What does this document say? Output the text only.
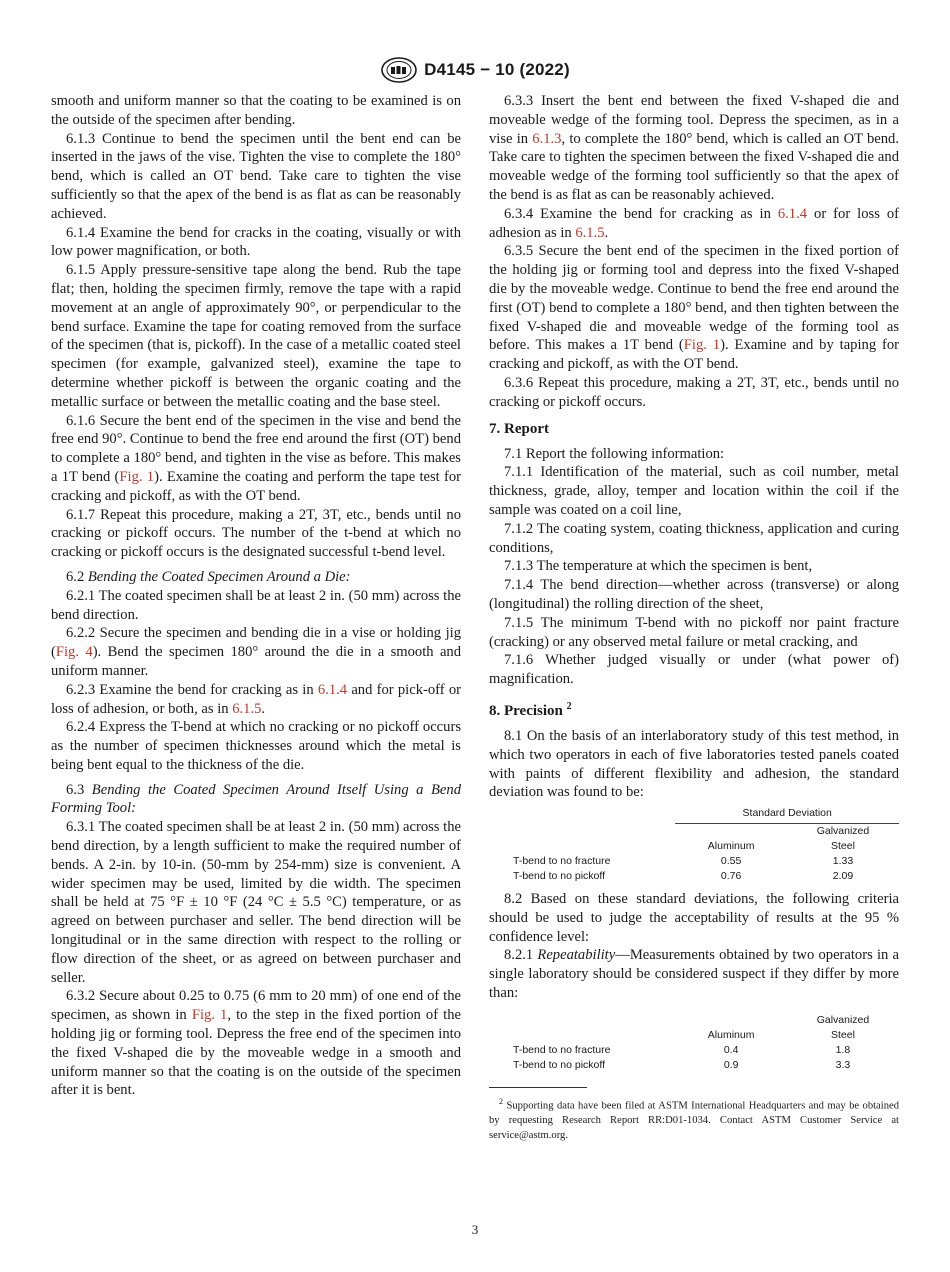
D4145 − 10 (2022)

smooth and uniform manner so that the coating to be examined is on the outside of the specimen after bending.

6.1.3 Continue to bend the specimen until the bent end can be inserted in the jaws of the vise. Tighten the vise to complete the 180° bend, which is called an OT bend. Take care to tighten the vise sufficiently so that the apex of the bend is as flat as can be reasonably achieved.

6.1.4 Examine the bend for cracks in the coating, visually or with low power magnification, or both.

6.1.5 Apply pressure-sensitive tape along the bend. Rub the tape flat; then, holding the specimen firmly, remove the tape with a rapid movement at an angle of approximately 90°, or perpendicular to the bend surface. Examine the tape for coating removed from the surface of the specimen (that is, pickoff). In the case of a metallic coated steel specimen (for example, galvanized steel), examine the tape to determine whether pickoff is between the organic coating and the metallic surface or between the metallic coating and the base steel.

6.1.6 Secure the bent end of the specimen in the vise and bend the free end 90°. Continue to bend the free end around the first (OT) bend to complete a 180° bend, and tighten in the vise as before. This makes a 1T bend (Fig. 1). Examine the coating and perform the tape test for cracking and pickoff, as with the OT bend.

6.1.7 Repeat this procedure, making a 2T, 3T, etc., bends until no cracking or pickoff occurs. The number of the t-bend at which no cracking or pickoff occurs is the designated successful t-bend level.

6.2 Bending the Coated Specimen Around a Die:

6.2.1 The coated specimen shall be at least 2 in. (50 mm) across the bend direction.

6.2.2 Secure the specimen and bending die in a vise or holding jig (Fig. 4). Bend the specimen 180° around the die in a smooth and uniform manner.

6.2.3 Examine the bend for cracking as in 6.1.4 and for pick-off or loss of adhesion, or both, as in 6.1.5.

6.2.4 Express the T-bend at which no cracking or no pickoff occurs as the number of specimen thicknesses around which the metal is being bent equal to the thickness of the die.

6.3 Bending the Coated Specimen Around Itself Using a Bend Forming Tool:

6.3.1 The coated specimen shall be at least 2 in. (50 mm) across the bend direction, by a length sufficient to make the required number of bends. A 2-in. by 10-in. (50-mm by 254-mm) size is convenient. A wider specimen may be used, limited by die width. The specimen shall be held at 75 °F ± 10 °F (24 °C ± 5.5 °C) temperature, or as agreed on between purchaser and seller. The bend direction will be longitudinal or in the same direction with respect to the rolling or flow direction of the sheet, or as agreed on between purchaser and seller.

6.3.2 Secure about 0.25 to 0.75 (6 mm to 20 mm) of one end of the specimen, as shown in Fig. 1, to the step in the fixed portion of the holding jig or forming tool. Depress the free end of the specimen into the fixed V-shaped die by the moveable wedge in a smooth and uniform manner so that the coating is on the outside of the specimen after it is bent.

6.3.3 Insert the bent end between the fixed V-shaped die and moveable wedge of the forming tool. Depress the specimen, as in a vise in 6.1.3, to complete the 180° bend, which is called an OT bend. Take care to tighten the specimen between the fixed V-shaped die and moveable wedge of the forming tool sufficiently so that the apex of the bend is as flat as can be reasonably achieved.

6.3.4 Examine the bend for cracking as in 6.1.4 or for loss of adhesion as in 6.1.5.

6.3.5 Secure the bent end of the specimen in the fixed portion of the holding jig or forming tool and depress into the fixed V-shaped die by the moveable wedge. Continue to bend the free end around the first (OT) bend to complete a 180° bend, and then tighten between the fixed V-shaped die and moveable wedge of the forming tool as before. This makes a 1T bend (Fig. 1). Examine and by taping for cracking and pickoff, as with the OT bend.

6.3.6 Repeat this procedure, making a 2T, 3T, etc., bends until no cracking or pickoff occurs.

7. Report

7.1 Report the following information:

7.1.1 Identification of the material, such as coil number, metal thickness, grade, alloy, temper and location within the coil if the sample was coated on a coil line,

7.1.2 The coating system, coating thickness, application and curing conditions,

7.1.3 The temperature at which the specimen is bent,

7.1.4 The bend direction—whether across (transverse) or along (longitudinal) the rolling direction of the sheet,

7.1.5 The minimum T-bend with no pickoff nor paint fracture (cracking) or any observed metal failure or metal cracking, and

7.1.6 Whether judged visually or under (what power of) magnification.

8. Precision $^2$

8.1 On the basis of an interlaboratory study of this test method, in which two operators in each of five laboratories tested panels coated with paints of different flexibility and adhesion, the standard deviation was found to be:

	Standard Deviation	
		Galvanized
	Aluminum	Steel
T-bend to no fracture	0.55	1.33
T-bend to no pickoff	0.76	2.09

8.2 Based on these standard deviations, the following criteria should be used to judge the acceptability of results at the 95 % confidence level:

8.2.1 Repeatability—Measurements obtained by two operators in a single laboratory should be considered suspect if they differ by more than:

		Galvanized
	Aluminum	Steel
T-bend to no fracture	0.4	1.8
T-bend to no pickoff	0.9	3.3

$^2$ Supporting data have been filed at ASTM International Headquarters and may be obtained by requesting Research Report RR:D01-1034. Contact ASTM Customer Service at service@astm.org.

3
